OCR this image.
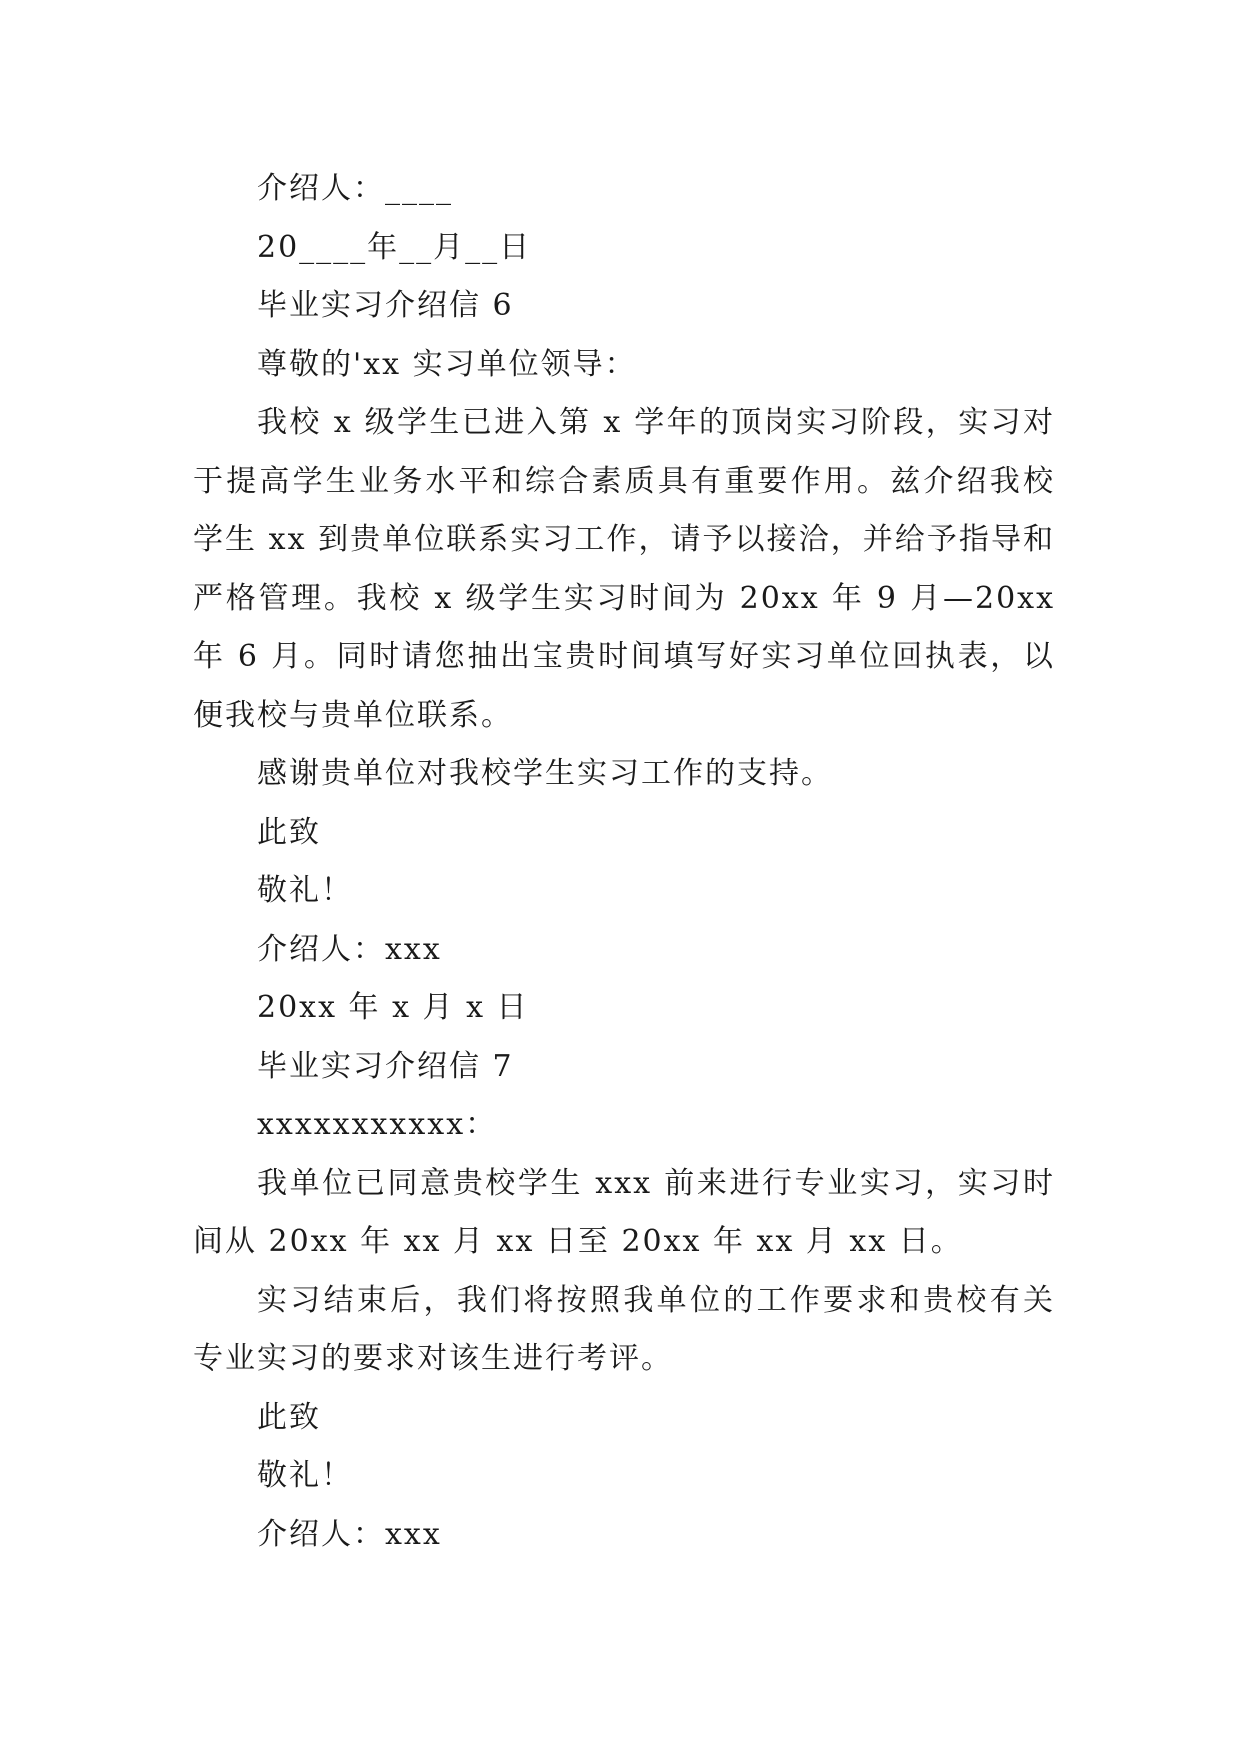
介绍人：____

20____年__月__日

毕业实习介绍信 6

尊敬的'xx 实习单位领导：

我校 x 级学生已进入第 x 学年的顶岗实习阶段，实习对于提高学生业务水平和综合素质具有重要作用。兹介绍我校学生 xx 到贵单位联系实习工作，请予以接洽，并给予指导和严格管理。我校 x 级学生实习时间为 20xx 年 9 月—20xx 年 6 月。同时请您抽出宝贵时间填写好实习单位回执表，以便我校与贵单位联系。

感谢贵单位对我校学生实习工作的支持。

此致

敬礼！

介绍人：xxx

20xx 年 x 月 x 日

毕业实习介绍信 7

xxxxxxxxxxx：

我单位已同意贵校学生 xxx 前来进行专业实习，实习时间从 20xx 年 xx 月 xx 日至 20xx 年 xx 月 xx 日。

实习结束后，我们将按照我单位的工作要求和贵校有关专业实习的要求对该生进行考评。

此致

敬礼！

介绍人：xxx
